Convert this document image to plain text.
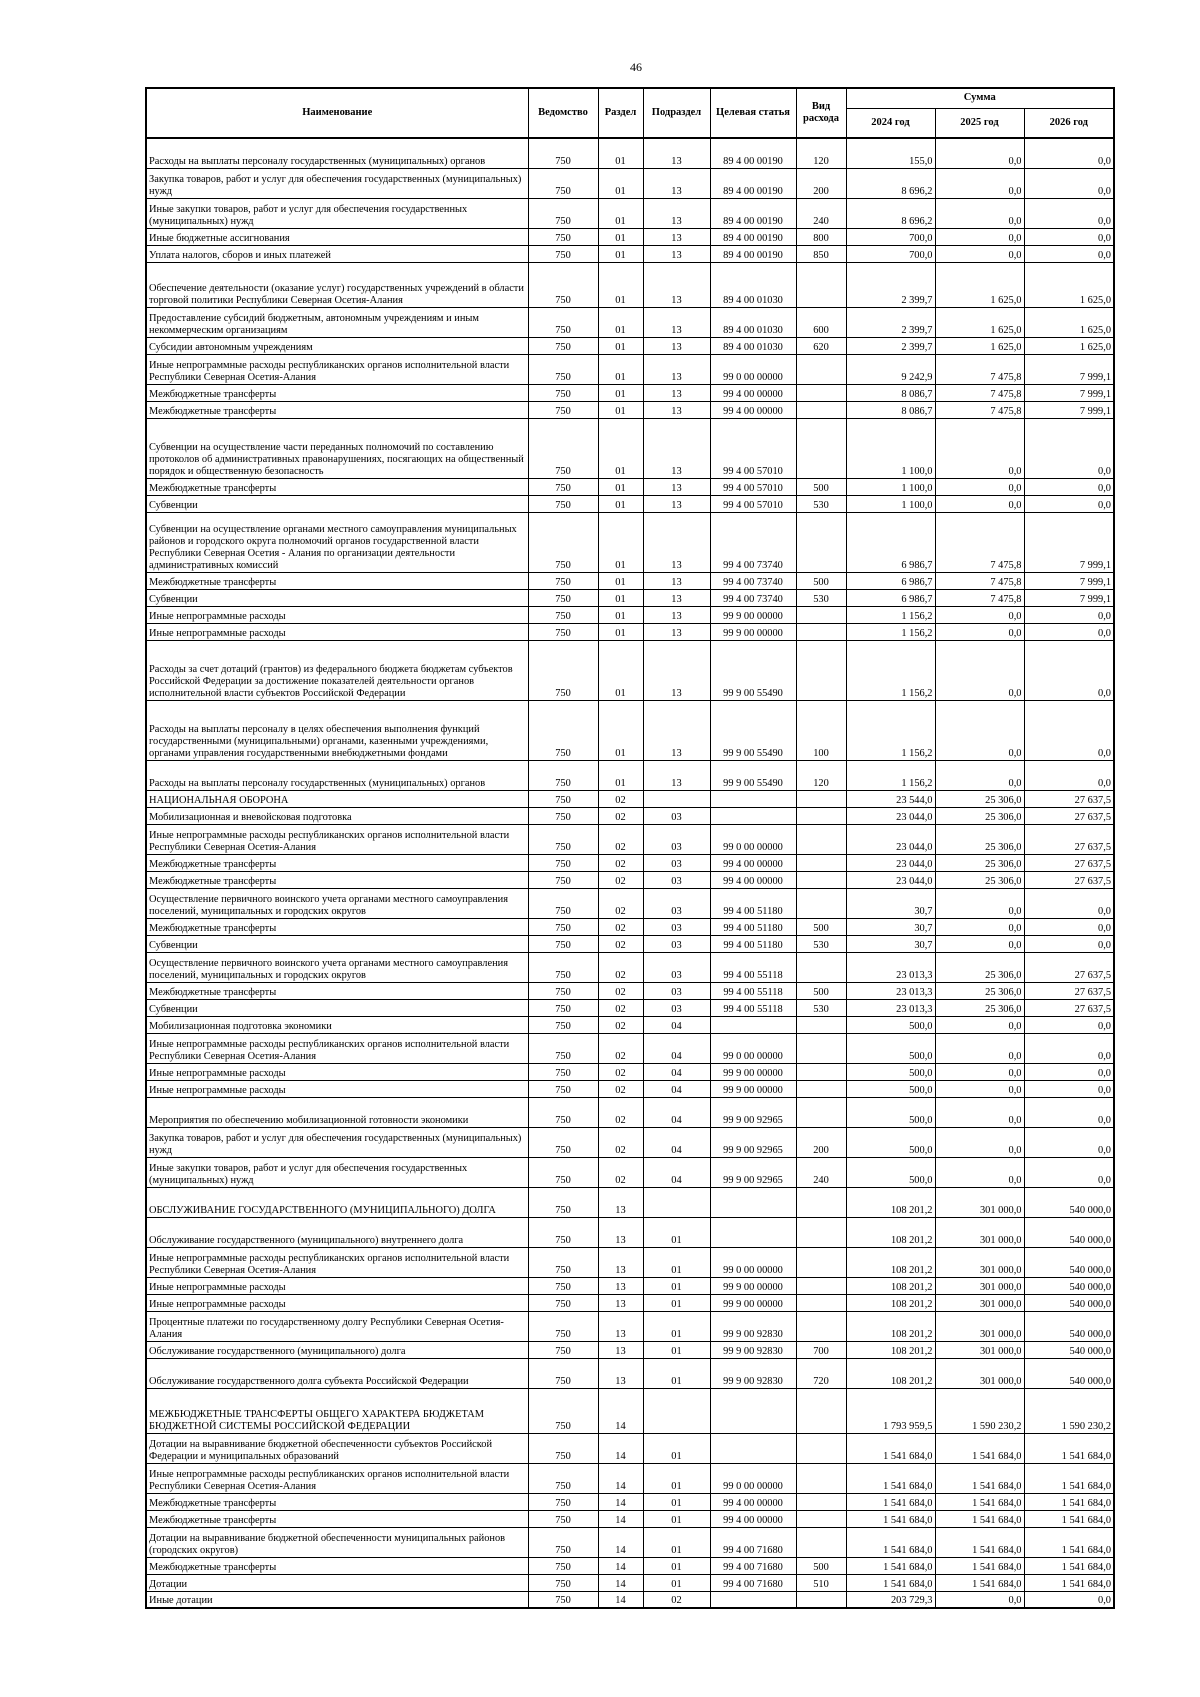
46
Наименование	Ведомство	Раздел	Подраздел	Целевая статья	Вид расхода	Сумма		
						2024 год	2025 год	2026 год
Расходы на выплаты персоналу государственных (муниципальных) органов	750	01	13	89 4 00 00190	120	155,0	0,0	0,0
Закупка товаров, работ и услуг для обеспечения государственных (муниципальных) нужд	750	01	13	89 4 00 00190	200	8 696,2	0,0	0,0
Иные закупки товаров, работ и услуг для обеспечения государственных (муниципальных) нужд	750	01	13	89 4 00 00190	240	8 696,2	0,0	0,0
Иные бюджетные ассигнования	750	01	13	89 4 00 00190	800	700,0	0,0	0,0
Уплата налогов, сборов и иных платежей	750	01	13	89 4 00 00190	850	700,0	0,0	0,0
Обеспечение деятельности (оказание услуг) государственных учреждений в области торговой политики Республики Северная Осетия-Алания	750	01	13	89 4 00 01030		2 399,7	1 625,0	1 625,0
Предоставление субсидий бюджетным, автономным учреждениям и иным некоммерческим организациям	750	01	13	89 4 00 01030	600	2 399,7	1 625,0	1 625,0
Субсидии автономным учреждениям	750	01	13	89 4 00 01030	620	2 399,7	1 625,0	1 625,0
Иные непрограммные расходы республиканских органов исполнительной власти Республики Северная Осетия-Алания	750	01	13	99 0 00 00000		9 242,9	7 475,8	7 999,1
Межбюджетные трансферты	750	01	13	99 4 00 00000		8 086,7	7 475,8	7 999,1
Межбюджетные трансферты	750	01	13	99 4 00 00000		8 086,7	7 475,8	7 999,1
Субвенции на осуществление части переданных полномочий по составлению протоколов об административных правонарушениях, посягающих на общественный порядок и общественную безопасность	750	01	13	99 4 00 57010		1 100,0	0,0	0,0
Межбюджетные трансферты	750	01	13	99 4 00 57010	500	1 100,0	0,0	0,0
Субвенции	750	01	13	99 4 00 57010	530	1 100,0	0,0	0,0
Субвенции на осуществление органами местного самоуправления муниципальных районов и городского округа полномочий органов государственной власти Республики Северная Осетия - Алания по организации деятельности административных комиссий	750	01	13	99 4 00 73740		6 986,7	7 475,8	7 999,1
Межбюджетные трансферты	750	01	13	99 4 00 73740	500	6 986,7	7 475,8	7 999,1
Субвенции	750	01	13	99 4 00 73740	530	6 986,7	7 475,8	7 999,1
Иные непрограммные расходы	750	01	13	99 9 00 00000		1 156,2	0,0	0,0
Иные непрограммные расходы	750	01	13	99 9 00 00000		1 156,2	0,0	0,0
Расходы за счет дотаций (грантов) из федерального бюджета бюджетам субъектов Российской Федерации за достижение показателей деятельности органов исполнительной власти субъектов Российской Федерации	750	01	13	99 9 00 55490		1 156,2	0,0	0,0
Расходы на выплаты персоналу в целях обеспечения выполнения функций государственными (муниципальными) органами, казенными учреждениями, органами управления государственными внебюджетными фондами	750	01	13	99 9 00 55490	100	1 156,2	0,0	0,0
Расходы на выплаты персоналу государственных (муниципальных) органов	750	01	13	99 9 00 55490	120	1 156,2	0,0	0,0
НАЦИОНАЛЬНАЯ ОБОРОНА	750	02				23 544,0	25 306,0	27 637,5
Мобилизационная и вневойсковая подготовка	750	02	03			23 044,0	25 306,0	27 637,5
Иные непрограммные расходы республиканских органов исполнительной власти Республики Северная Осетия-Алания	750	02	03	99 0 00 00000		23 044,0	25 306,0	27 637,5
Межбюджетные трансферты	750	02	03	99 4 00 00000		23 044,0	25 306,0	27 637,5
Межбюджетные трансферты	750	02	03	99 4 00 00000		23 044,0	25 306,0	27 637,5
Осуществление первичного воинского учета органами местного самоуправления поселений, муниципальных и городских округов	750	02	03	99 4 00 51180		30,7	0,0	0,0
Межбюджетные трансферты	750	02	03	99 4 00 51180	500	30,7	0,0	0,0
Субвенции	750	02	03	99 4 00 51180	530	30,7	0,0	0,0
Осуществление первичного воинского учета органами местного самоуправления поселений, муниципальных и городских округов	750	02	03	99 4 00 55118		23 013,3	25 306,0	27 637,5
Межбюджетные трансферты	750	02	03	99 4 00 55118	500	23 013,3	25 306,0	27 637,5
Субвенции	750	02	03	99 4 00 55118	530	23 013,3	25 306,0	27 637,5
Мобилизационная подготовка экономики	750	02	04			500,0	0,0	0,0
Иные непрограммные расходы республиканских органов исполнительной власти Республики Северная Осетия-Алания	750	02	04	99 0 00 00000		500,0	0,0	0,0
Иные непрограммные расходы	750	02	04	99 9 00 00000		500,0	0,0	0,0
Иные непрограммные расходы	750	02	04	99 9 00 00000		500,0	0,0	0,0
Мероприятия по обеспечению мобилизационной готовности экономики	750	02	04	99 9 00 92965		500,0	0,0	0,0
Закупка товаров, работ и услуг для обеспечения государственных (муниципальных) нужд	750	02	04	99 9 00 92965	200	500,0	0,0	0,0
Иные закупки товаров, работ и услуг для обеспечения государственных (муниципальных) нужд	750	02	04	99 9 00 92965	240	500,0	0,0	0,0
ОБСЛУЖИВАНИЕ ГОСУДАРСТВЕННОГО (МУНИЦИПАЛЬНОГО) ДОЛГА	750	13				108 201,2	301 000,0	540 000,0
Обслуживание государственного (муниципального) внутреннего долга	750	13	01			108 201,2	301 000,0	540 000,0
Иные непрограммные расходы республиканских органов исполнительной власти Республики Северная Осетия-Алания	750	13	01	99 0 00 00000		108 201,2	301 000,0	540 000,0
Иные непрограммные расходы	750	13	01	99 9 00 00000		108 201,2	301 000,0	540 000,0
Иные непрограммные расходы	750	13	01	99 9 00 00000		108 201,2	301 000,0	540 000,0
Процентные платежи по государственному долгу Республики Северная Осетия-Алания	750	13	01	99 9 00 92830		108 201,2	301 000,0	540 000,0
Обслуживание государственного (муниципального) долга	750	13	01	99 9 00 92830	700	108 201,2	301 000,0	540 000,0
Обслуживание государственного долга субъекта Российской Федерации	750	13	01	99 9 00 92830	720	108 201,2	301 000,0	540 000,0
МЕЖБЮДЖЕТНЫЕ ТРАНСФЕРТЫ ОБЩЕГО ХАРАКТЕРА БЮДЖЕТАМ БЮДЖЕТНОЙ СИСТЕМЫ РОССИЙСКОЙ ФЕДЕРАЦИИ	750	14				1 793 959,5	1 590 230,2	1 590 230,2
Дотации на выравнивание бюджетной обеспеченности субъектов Российской Федерации и муниципальных образований	750	14	01			1 541 684,0	1 541 684,0	1 541 684,0
Иные непрограммные расходы республиканских органов исполнительной власти Республики Северная Осетия-Алания	750	14	01	99 0 00 00000		1 541 684,0	1 541 684,0	1 541 684,0
Межбюджетные трансферты	750	14	01	99 4 00 00000		1 541 684,0	1 541 684,0	1 541 684,0
Межбюджетные трансферты	750	14	01	99 4 00 00000		1 541 684,0	1 541 684,0	1 541 684,0
Дотации на выравнивание бюджетной обеспеченности муниципальных районов (городских округов)	750	14	01	99 4 00 71680		1 541 684,0	1 541 684,0	1 541 684,0
Межбюджетные трансферты	750	14	01	99 4 00 71680	500	1 541 684,0	1 541 684,0	1 541 684,0
Дотации	750	14	01	99 4 00 71680	510	1 541 684,0	1 541 684,0	1 541 684,0
Иные дотации	750	14	02			203 729,3	0,0	0,0
